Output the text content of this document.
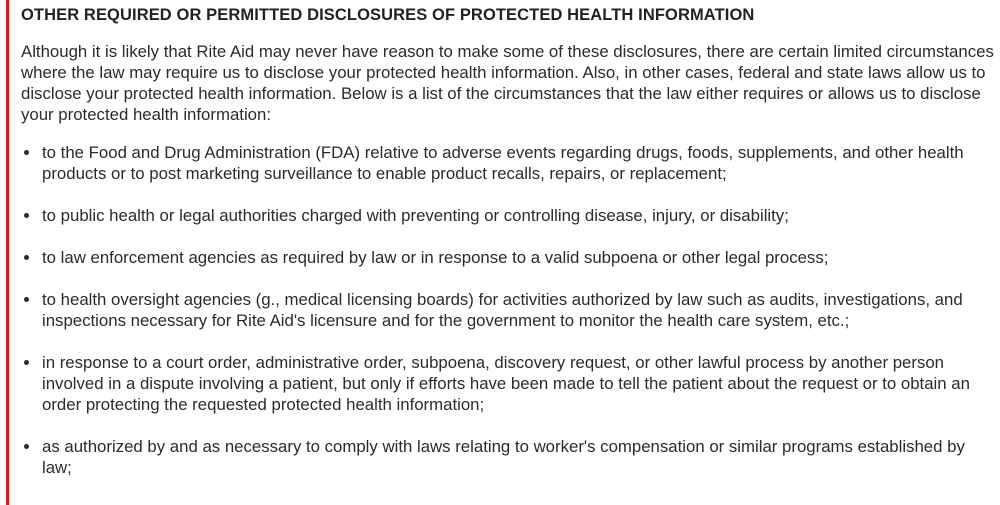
OTHER REQUIRED OR PERMITTED DISCLOSURES OF PROTECTED HEALTH INFORMATION

Although it is likely that Rite Aid may never have reason to make some of these disclosures, there are certain limited circumstances where the law may require us to disclose your protected health information. Also, in other cases, federal and state laws allow us to disclose your protected health information. Below is a list of the circumstances that the law either requires or allows us to disclose your protected health information:

to the Food and Drug Administration (FDA) relative to adverse events regarding drugs, foods, supplements, and other health products or to post marketing surveillance to enable product recalls, repairs, or replacement;
to public health or legal authorities charged with preventing or controlling disease, injury, or disability;
to law enforcement agencies as required by law or in response to a valid subpoena or other legal process;
to health oversight agencies (g., medical licensing boards) for activities authorized by law such as audits, investigations, and inspections necessary for Rite Aid's licensure and for the government to monitor the health care system, etc.;
in response to a court order, administrative order, subpoena, discovery request, or other lawful process by another person involved in a dispute involving a patient, but only if efforts have been made to tell the patient about the request or to obtain an order protecting the requested protected health information;
as authorized by and as necessary to comply with laws relating to worker's compensation or similar programs established by law;
